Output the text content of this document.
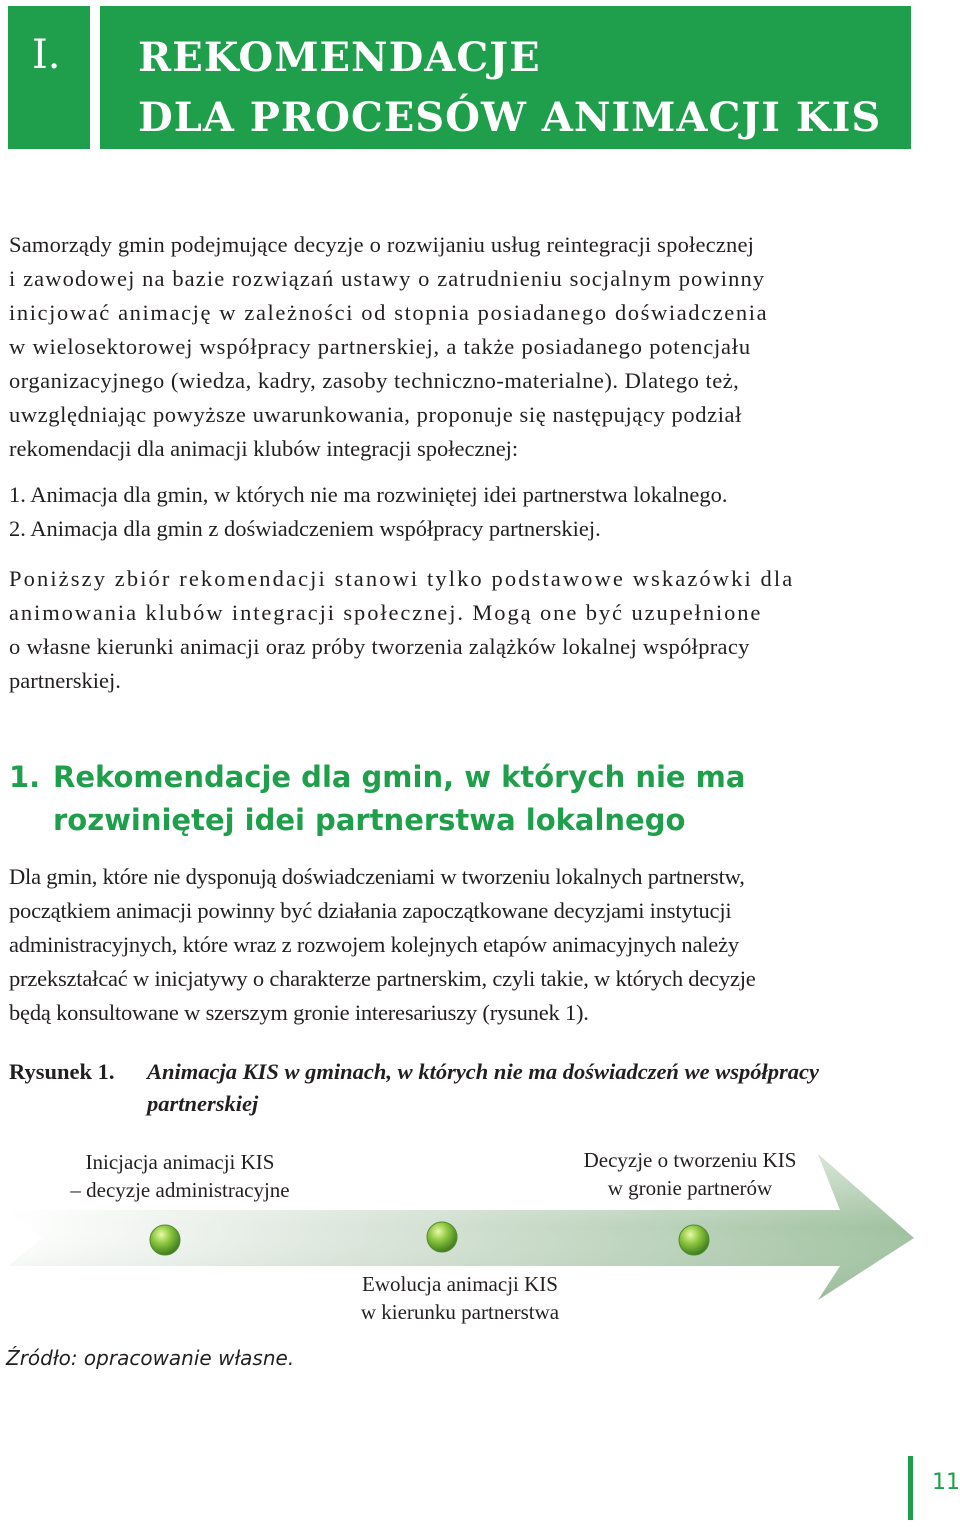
I.	REKOMENDACJE
DLA PROCESÓW ANIMACJI KIS
Samorządy gmin podejmujące decyzje o rozwijaniu usług reintegracji społecznej
i zawodowej na bazie rozwiązań ustawy o zatrudnieniu socjalnym powinny
inicjować animację w zależności od stopnia posiadanego doświadczenia
w wielosektorowej współpracy partnerskiej, a także posiadanego potencjału
organizacyjnego (wiedza, kadry, zasoby techniczno-materialne). Dlatego też,
uwzględniając powyższe uwarunkowania, proponuje się następujący podział
rekomendacji dla animacji klubów integracji społecznej:
1. Animacja dla gmin, w których nie ma rozwiniętej idei partnerstwa lokalnego.
2. Animacja dla gmin z doświadczeniem współpracy partnerskiej.
Poniższy zbiór rekomendacji stanowi tylko podstawowe wskazówki dla
animowania klubów integracji społecznej. Mogą one być uzupełnione
o własne kierunki animacji oraz próby tworzenia zalążków lokalnej współpracy
partnerskiej.
1. Rekomendacje dla gmin, w których nie ma
rozwiniętej idei partnerstwa lokalnego
Dla gmin, które nie dysponują doświadczeniami w tworzeniu lokalnych partnerstw,
początkiem animacji powinny być działania zapoczątkowane decyzjami instytucji
administracyjnych, które wraz z rozwojem kolejnych etapów animacyjnych należy
przekształcać w inicjatywy o charakterze partnerskim, czyli takie, w których decyzje
będą konsultowane w szerszym gronie interesariuszy (rysunek 1).
Rysunek 1. Animacja KIS w gminach, w których nie ma doświadczeń we współpracy partnerskiej
Inicjacja animacji KIS
– decyzje administracyjne
Decyzje o tworzeniu KIS
w gronie partnerów
Ewolucja animacji KIS
w kierunku partnerstwa
Źródło: opracowanie własne.
11
